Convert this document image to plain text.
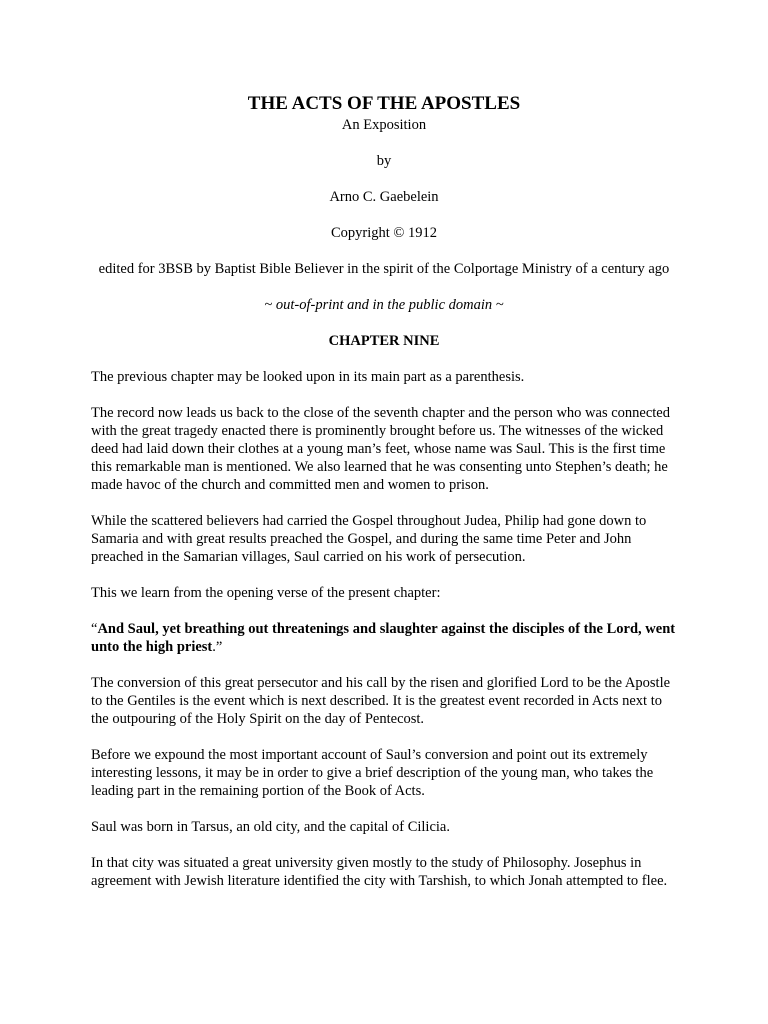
THE ACTS OF THE APOSTLES
An Exposition
by
Arno C. Gaebelein
Copyright © 1912
edited for 3BSB by Baptist Bible Believer in the spirit of the Colportage Ministry of a century ago
~ out-of-print and in the public domain ~
CHAPTER NINE

The previous chapter may be looked upon in its main part as a parenthesis.

The record now leads us back to the close of the seventh chapter and the person who was connected with the great tragedy enacted there is prominently brought before us. The witnesses of the wicked deed had laid down their clothes at a young man’s feet, whose name was Saul. This is the first time this remarkable man is mentioned. We also learned that he was consenting unto Stephen’s death; he made havoc of the church and committed men and women to prison.

While the scattered believers had carried the Gospel throughout Judea, Philip had gone down to Samaria and with great results preached the Gospel, and during the same time Peter and John preached in the Samarian villages, Saul carried on his work of persecution.

This we learn from the opening verse of the present chapter:

“And Saul, yet breathing out threatenings and slaughter against the disciples of the Lord, went unto the high priest.”

The conversion of this great persecutor and his call by the risen and glorified Lord to be the Apostle to the Gentiles is the event which is next described. It is the greatest event recorded in Acts next to the outpouring of the Holy Spirit on the day of Pentecost.

Before we expound the most important account of Saul’s conversion and point out its extremely interesting lessons, it may be in order to give a brief description of the young man, who takes the leading part in the remaining portion of the Book of Acts.

Saul was born in Tarsus, an old city, and the capital of Cilicia.

In that city was situated a great university given mostly to the study of Philosophy. Josephus in agreement with Jewish literature identified the city with Tarshish, to which Jonah attempted to flee.
